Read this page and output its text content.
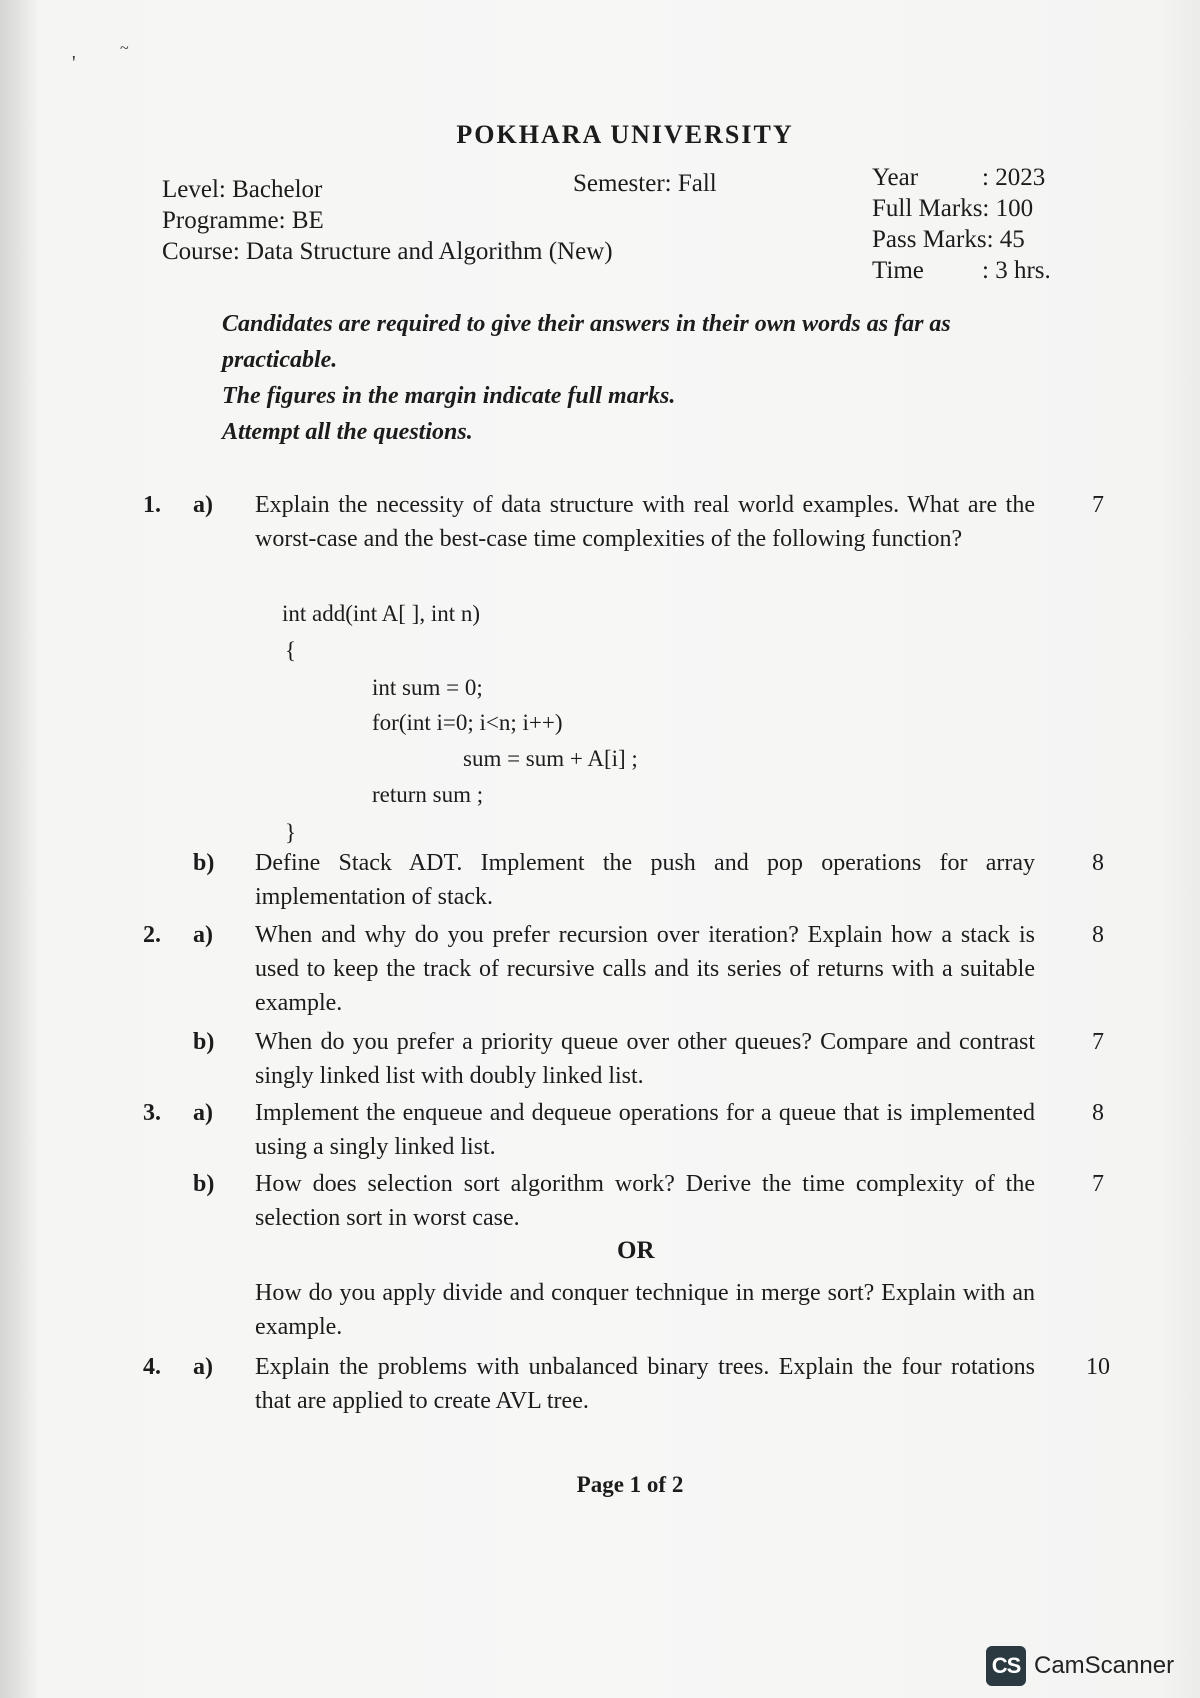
'
~
POKHARA UNIVERSITY
Level: Bachelor
Programme: BE
Course: Data Structure and Algorithm (New)
Semester: Fall	Year	: 2023
Full Marks: 100
Pass Marks: 45
Time : 3 hrs.

Candidates are required to give their answers in their own words as far as practicable.

The figures in the margin indicate full marks.

Attempt all the questions.

1. a) Explain the necessity of data structure with real world examples. What are the worst-case and the best-case time complexities of the following function?
7
int add(int A[ ], int n)
{
int sum = 0;
for(int i=0; i<n; i++)
sum = sum + A[i] ;
return sum ;
}
b) Define Stack ADT. Implement the push and pop operations for array implementation of stack.
8
2. a) When and why do you prefer recursion over iteration? Explain how a stack is used to keep the track of recursive calls and its series of returns with a suitable example.
8
b) When do you prefer a priority queue over other queues? Compare and contrast singly linked list with doubly linked list.
7
3. a) Implement the enqueue and dequeue operations for a queue that is implemented using a singly linked list.
8
b) How does selection sort algorithm work? Derive the time complexity of the selection sort in worst case.
7
OR
How do you apply divide and conquer technique in merge sort? Explain with an example.
4. a) Explain the problems with unbalanced binary trees. Explain the four rotations that are applied to create AVL tree.
10
Page 1 of 2
CS CamScanner
